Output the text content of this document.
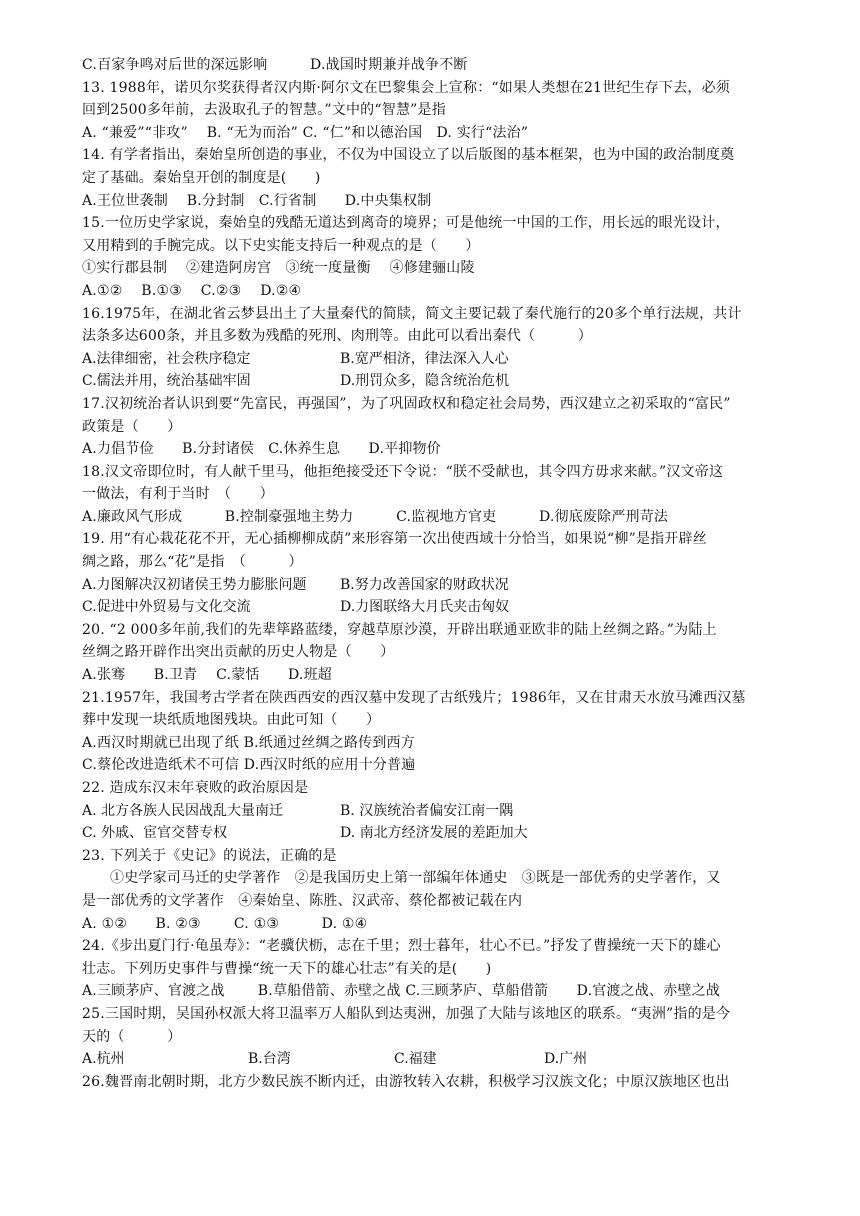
C.百家争鸣对后世的深远影响　　　D.战国时期兼并战争不断
13. 1988年，诺贝尔奖获得者汉内斯·阿尔文在巴黎集会上宣称：“如果人类想在21世纪生存下去，必须
回到2500多年前，去汲取孔子的智慧。”文中的“智慧”是指
A. “兼爱”“非攻”　 B. “无为而治” C. “仁”和以德治国　D. 实行“法治”
14. 有学者指出，秦始皇所创造的事业，不仅为中国设立了以后版图的基本框架，也为中国的政治制度奠
定了基础。秦始皇开创的制度是(　　)
A.王位世袭制　 B.分封制　C.行省制　　D.中央集权制
15.一位历史学家说，秦始皇的残酷无道达到离奇的境界；可是他统一中国的工作，用长远的眼光设计，
又用精到的手腕完成。以下史实能支持后一种观点的是（　　）
①实行郡县制　 ②建造阿房宫　③统一度量衡　 ④修建骊山陵
A.①②　 B.①③　 C.②③　 D.②④
16.1975年，在湖北省云梦县出土了大量秦代的简牍，简文主要记载了秦代施行的20多个单行法规，共计
法条多达600条，并且多数为残酷的死刑、肉刑等。由此可以看出秦代（　　　）
A.法律细密，社会秩序稳定	B.宽严相济，律法深入人心
C.儒法并用，统治基础牢固	D.刑罚众多，隐含统治危机
17.汉初统治者认识到要“先富民，再强国”，为了巩固政权和稳定社会局势，西汉建立之初采取的“富民”
政策是（　　）
A.力倡节俭　　B.分封诸侯　C.休养生息　　D.平抑物价
18.汉文帝即位时，有人献千里马，他拒绝接受还下令说：“朕不受献也，其令四方毋求来献。”汉文帝这
一做法，有利于当时　（　　）
A.廉政风气形成　　　B.控制豪强地主势力　　　C.监视地方官吏　　　D.彻底废除严刑苛法
19. 用“有心栽花花不开，无心插柳柳成荫”来形容第一次出使西域十分恰当，如果说“柳”是指开辟丝
绸之路，那么“花”是指　（　　　）
A.力图解决汉初诸侯王势力膨胀问题	B.努力改善国家的财政状况
C.促进中外贸易与文化交流	D.力图联络大月氏夹击匈奴
20. “2 000多年前,我们的先辈筚路蓝缕，穿越草原沙漠，开辟出联通亚欧非的陆上丝绸之路。”为陆上
丝绸之路开辟作出突出贡献的历史人物是（　　）
A.张骞　　B.卫青　 C.蒙恬　　D.班超
21.1957年，我国考古学者在陕西西安的西汉墓中发现了古纸残片；1986年，又在甘肃天水放马滩西汉墓
葬中发现一块纸质地图残块。由此可知（　　）
A.西汉时期就已出现了纸 B.纸通过丝绸之路传到西方
C.蔡伦改进造纸术不可信 D.西汉时纸的应用十分普遍
22. 造成东汉末年衰败的政治原因是
A. 北方各族人民因战乱大量南迁	B. 汉族统治者偏安江南一隅
C. 外戚、宦官交替专权	D. 南北方经济发展的差距加大
23. 下列关于《史记》的说法，正确的是
①史学家司马迁的史学著作　②是我国历史上第一部编年体通史　③既是一部优秀的史学著作，又
是一部优秀的文学著作　④秦始皇、陈胜、汉武帝、蔡伦都被记载在内
A. ①②　　B. ②③　　 C. ①③　　　D. ①④
24.《步出夏门行·龟虽寿》：“老骥伏枥，志在千里；烈士暮年，壮心不已。”抒发了曹操统一天下的雄心
壮志。下列历史事件与曹操“统一天下的雄心壮志”有关的是(　　)
A.三顾茅庐、官渡之战　　 B.草船借箭、赤壁之战 C.三顾茅庐、草船借箭　　D.官渡之战、赤壁之战
25.三国时期，吴国孙权派大将卫温率万人船队到达夷洲，加强了大陆与该地区的联系。“夷洲”指的是今
天的（　　　）
A.杭州	B.台湾	C.福建	D.广州
26.魏晋南北朝时期，北方少数民族不断内迁，由游牧转入农耕，积极学习汉族文化；中原汉族地区也出
